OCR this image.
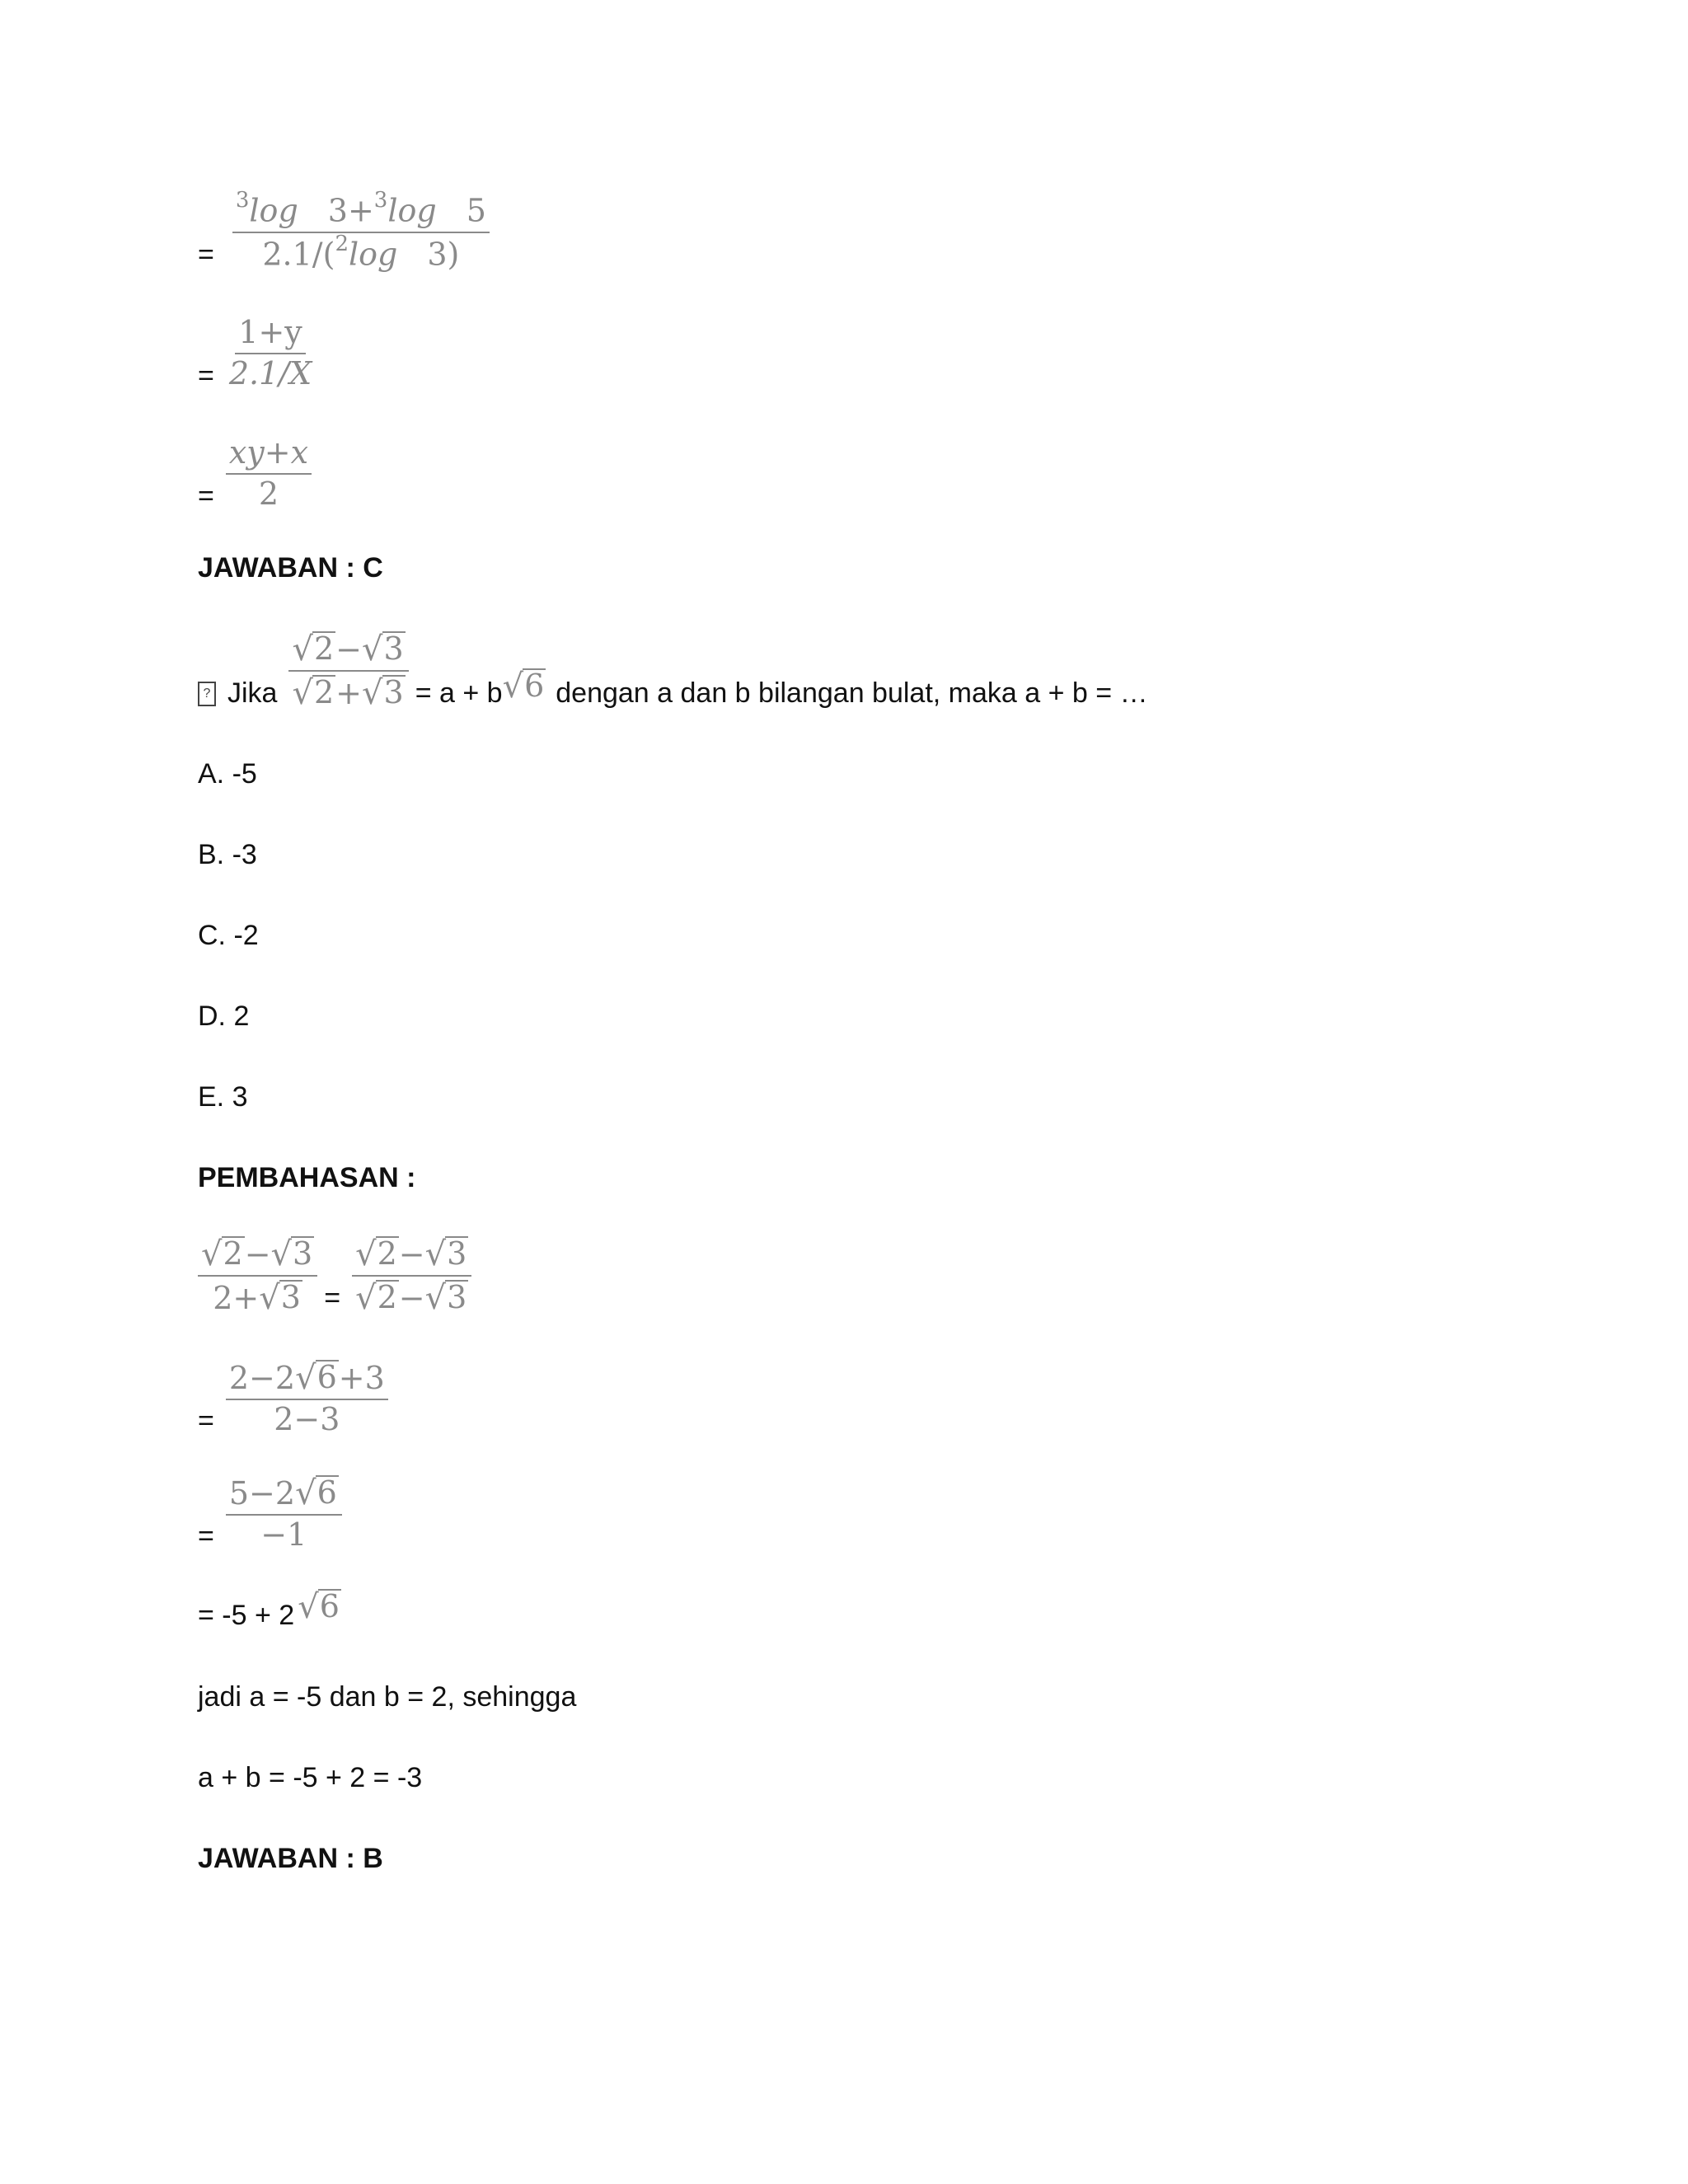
= $\frac{^3\log 3+^3\log 5}{2.1/(^2\log 3)}$
= $\frac{1+y}{2.1/X}$
= $\frac{xy+x}{2}$
JAWABAN : C
? Jika $\frac{√ 2 - √ 3}{√ 2 + √ 3} = a + b$ √ 6 dengan a dan b bilangan bulat, maka a + b = …
A. -5
B. -3
C. -2
D. 2
E. 3
PEMBAHASAN :
$\frac{√ 2 - √ 3}{2+ √ 3} = \frac{√ 2 - √ 3}{√ 2 - √ 3}$
= $\frac{2-2 √ 6 +3}{2-3}$
= $\frac{5-2 √ 6}{-1}$
= -5 + 2 √ 6
jadi a = -5 dan b = 2, sehingga
a + b = -5 + 2 = -3
JAWABAN : B
